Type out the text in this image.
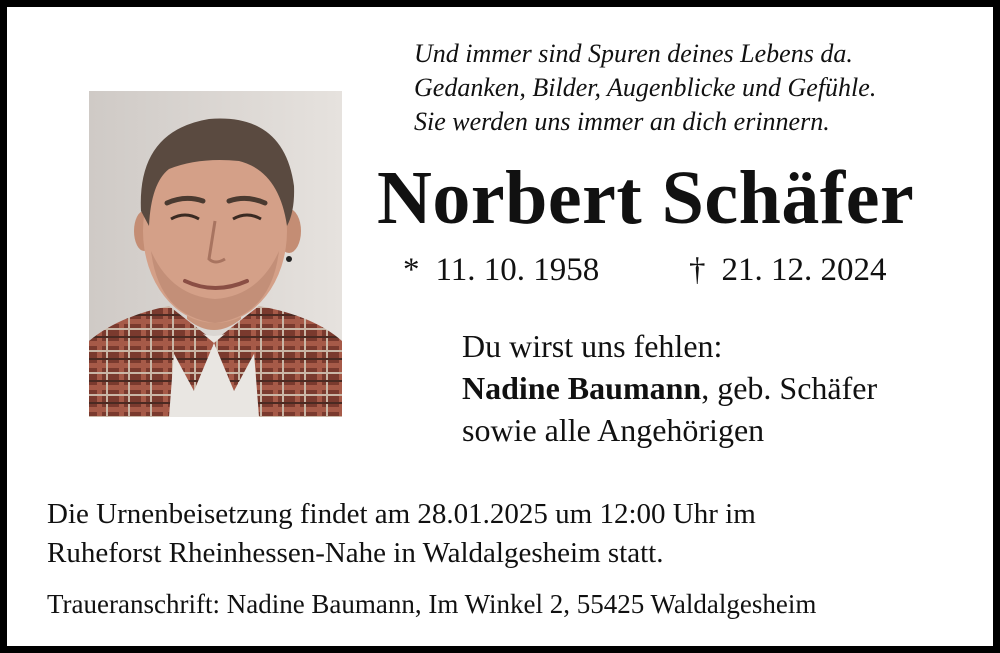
Und immer sind Spuren deines Lebens da.
Gedanken, Bilder, Augenblicke und Gefühle.
Sie werden uns immer an dich erinnern.
Norbert Schäfer
* 11. 10. 1958	† 21. 12. 2024
Du wirst uns fehlen:
Nadine Baumann, geb. Schäfer
sowie alle Angehörigen
Die Urnenbeisetzung findet am 28.01.2025 um 12:00 Uhr im
Ruheforst Rheinhessen-Nahe in Waldalgesheim statt.
Traueranschrift: Nadine Baumann, Im Winkel 2, 55425 Waldalgesheim
